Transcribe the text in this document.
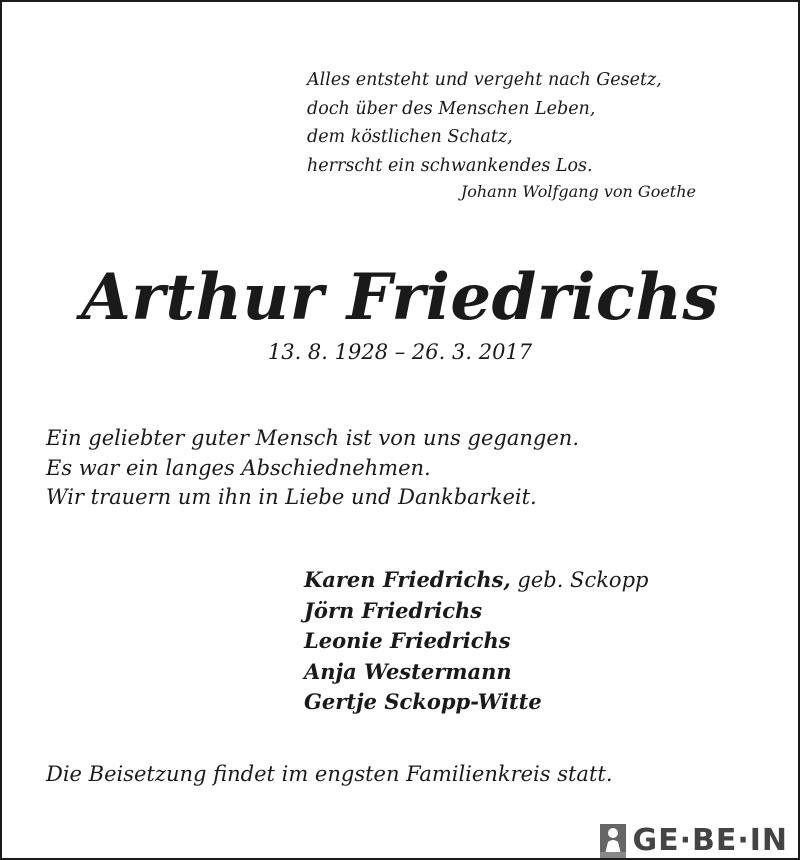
Alles entsteht und vergeht nach Gesetz,
doch über des Menschen Leben,
dem köstlichen Schatz,
herrscht ein schwankendes Los.
Johann Wolfgang von Goethe
Arthur Friedrichs
13. 8. 1928 – 26. 3. 2017
Ein geliebter guter Mensch ist von uns gegangen.
Es war ein langes Abschiednehmen.
Wir trauern um ihn in Liebe und Dankbarkeit.
Karen Friedrichs, geb. Sckopp
Jörn Friedrichs
Leonie Friedrichs
Anja Westermann
Gertje Sckopp-Witte
Die Beisetzung findet im engsten Familienkreis statt.
GE·BE·IN
